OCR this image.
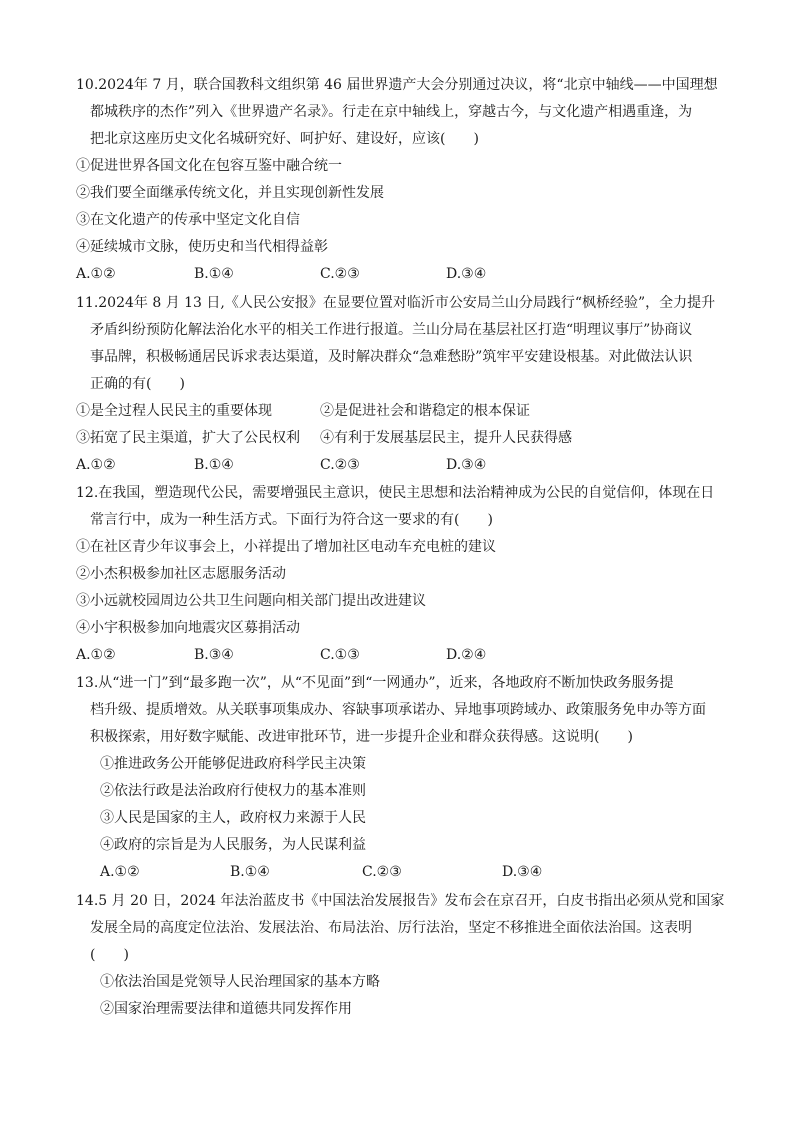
10.2024年 7 月，联合国教科文组织第 46 届世界遗产大会分别通过决议，将“北京中轴线——中国理想
都城秩序的杰作”列入《世界遗产名录》。行走在京中轴线上，穿越古今，与文化遗产相遇重逢，为
把北京这座历史文化名城研究好、呵护好、建设好，应该(　　)
①促进世界各国文化在包容互鉴中融合统一
②我们要全面继承传统文化，并且实现创新性发展
③在文化遗产的传承中坚定文化自信
④延续城市文脉，使历史和当代相得益彰
A.①②	B.①④	C.②③	D.③④
11.2024年 8 月 13 日,《人民公安报》在显要位置对临沂市公安局兰山分局践行“枫桥经验”，全力提升
矛盾纠纷预防化解法治化水平的相关工作进行报道。兰山分局在基层社区打造“明理议事厅”协商议
事品牌，积极畅通居民诉求表达渠道，及时解决群众“急难愁盼”筑牢平安建设根基。对此做法认识
正确的有(　　)
①是全过程人民民主的重要体现	②是促进社会和谐稳定的根本保证
③拓宽了民主渠道，扩大了公民权利 ④有利于发展基层民主，提升人民获得感
A.①②	B.①④	C.②③	D.③④
12.在我国，塑造现代公民，需要增强民主意识，使民主思想和法治精神成为公民的自觉信仰，体现在日
常言行中，成为一种生活方式。下面行为符合这一要求的有(　　)
①在社区青少年议事会上，小祥提出了增加社区电动车充电桩的建议
②小杰积极参加社区志愿服务活动
③小远就校园周边公共卫生问题向相关部门提出改进建议
④小宇积极参加向地震灾区募捐活动
A.①②	B.③④	C.①③	D.②④
13.从“进一门”到“最多跑一次”，从“不见面”到“一网通办”，近来，各地政府不断加快政务服务提
档升级、提质增效。从关联事项集成办、容缺事项承诺办、异地事项跨域办、政策服务免申办等方面
积极探索，用好数字赋能、改进审批环节，进一步提升企业和群众获得感。这说明(　　)
①推进政务公开能够促进政府科学民主决策
②依法行政是法治政府行使权力的基本准则
③人民是国家的主人，政府权力来源于人民
④政府的宗旨是为人民服务，为人民谋利益
A.①②	B.①④	C.②③	D.③④
14.5 月 20 日，2024 年法治蓝皮书《中国法治发展报告》发布会在京召开，白皮书指出必须从党和国家
发展全局的高度定位法治、发展法治、布局法治、厉行法治，坚定不移推进全面依法治国。这表明
(　　)
①依法治国是党领导人民治理国家的基本方略
②国家治理需要法律和道德共同发挥作用
